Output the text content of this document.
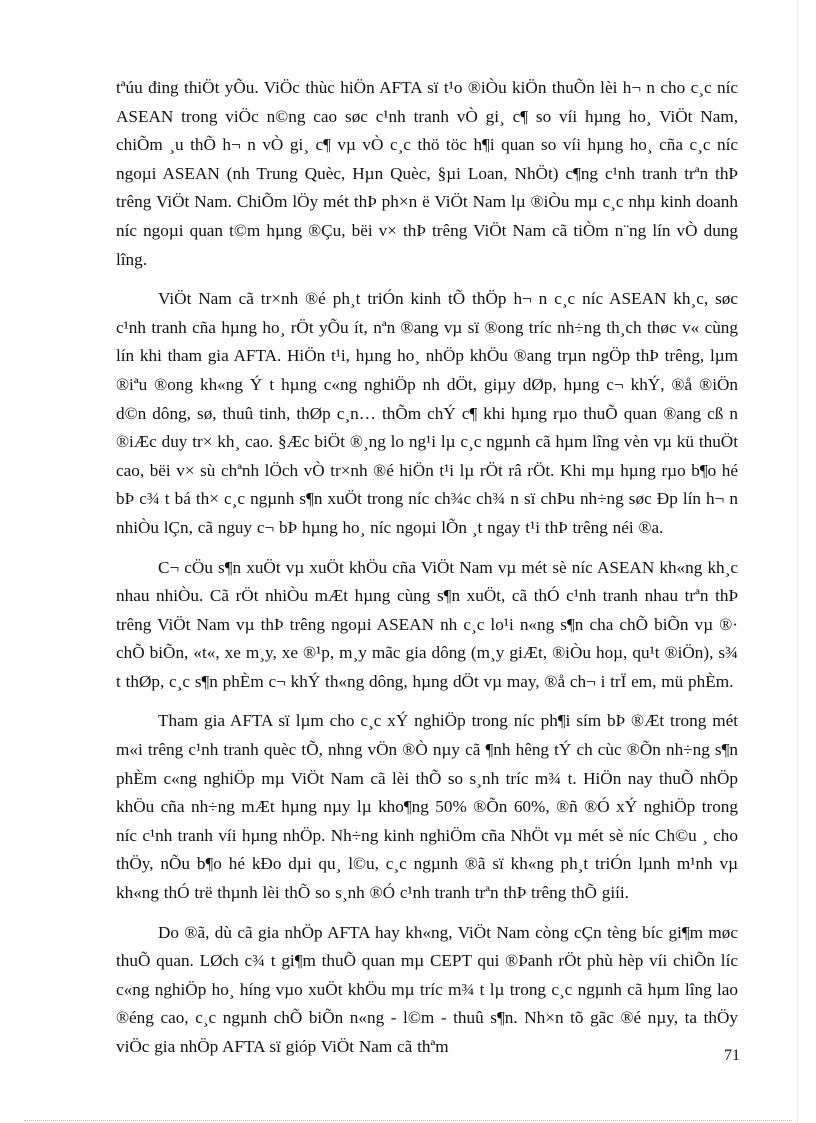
tªúu đing thiÖt yÕu. ViÖc thùc hiÖn AFTA sï t¹o ®iÒu kiÖn thuÕn lèi h¬ n cho c¸c níc ASEAN trong viÖc n©ng cao søc c¹nh tranh vÒ gi¸ c¶ so víi hµng ho¸ ViÖt Nam, chiÕm ¸u thÕ h¬ n vÒ gi¸ c¶ vµ vÒ c¸c thö töc h¶i quan so víi hµng ho¸ cña c¸c níc ngoµi ASEAN (nh Trung Quèc, Hµn Quèc, §µi Loan, NhÖt) c¶ng c¹nh tranh trªn thÞ trêng ViÖt Nam. ChiÕm lÖy mét thÞ ph×n ë ViÖt Nam lµ ®iÒu mµ c¸c nhµ kinh doanh níc ngoµi quan t©m hµng ®Çu, bëi v× thÞ trêng ViÖt Nam cã tiÒm n¨ng lín vÒ dung lîng.

ViÖt Nam cã tr×nh ®é ph¸t triÓn kinh tÕ thÖp h¬ n c¸c níc ASEAN kh¸c, søc c¹nh tranh cña hµng ho¸ rÖt yÕu ít, nªn ®ang vµ sï ®ong tríc nh÷ng th¸ch thøc v« cùng lín khi tham gia AFTA. HiÖn t¹i, hµng ho¸ nhÖp khÖu ®ang trµn ngÖp thÞ trêng, lµm ®iªu ®ong kh«ng Ý t hµng c«ng nghiÖp nh dÖt, giµy dØp, hµng c¬ khÝ, ®å ®iÖn d©n dông, sø, thuû tinh, thØp c¸n… thÕm chÝ c¶ khi hµng rµo thuÕ quan ®ang cß n ®iÆc duy tr× kh¸ cao. §Æc biÖt ®¸ng lo ng¹i lµ c¸c ngµnh cã hµm lîng vèn vµ kü thuÖt cao, bëi v× sù chªnh lÖch vÒ tr×nh ®é hiÖn t¹i lµ rÖt râ rÖt. Khi mµ hµng rµo b¶o hé bÞ c¾ t bá th× c¸c ngµnh s¶n xuÖt trong níc ch¾c ch¾ n sï chÞu nh÷ng søc Ðp lín h¬ n nhiÒu lÇn, cã nguy c¬ bÞ hµng ho¸ níc ngoµi lÕn ¸t ngay t¹i thÞ trêng néi ®a.

C¬ cÖu s¶n xuÖt vµ xuÖt khÖu cña ViÖt Nam vµ mét sè níc ASEAN kh«ng kh¸c nhau nhiÒu. Cã rÖt nhiÒu mÆt hµng cùng s¶n xuÖt, cã thÓ c¹nh tranh nhau trªn thÞ trêng ViÖt Nam vµ thÞ trêng ngoµi ASEAN nh c¸c lo¹i n«ng s¶n cha chÕ biÕn vµ ®· chÕ biÕn, «t«, xe m¸y, xe ®¹p, m¸y mãc gia dông (m¸y giÆt, ®iÒu hoµ, qu¹t ®iÖn), s¾ t thØp, c¸c s¶n phÈm c¬ khÝ th«ng dông, hµng dÖt vµ may, ®å ch¬ i trÏ em, mü phÈm.

Tham gia AFTA sï lµm cho c¸c xÝ nghiÖp trong níc ph¶i sím bÞ ®Æt trong mét m«i trêng c¹nh tranh quèc tÕ, nhng vÖn ®Ò nµy cã ¶nh hêng tÝ ch cùc ®Õn nh÷ng s¶n phÈm c«ng nghiÖp mµ ViÖt Nam cã lèi thÕ so s¸nh tríc m¾ t. HiÖn nay thuÕ nhÖp khÖu cña nh÷ng mÆt hµng nµy lµ kho¶ng 50% ®Õn 60%, ®ñ ®Ó xÝ nghiÖp trong níc c¹nh tranh víi hµng nhÖp. Nh÷ng kinh nghiÖm cña NhÖt vµ mét sè níc Ch©u ¸ cho thÖy, nÕu b¶o hé kÐo dµi qu¸ l©u, c¸c ngµnh ®ã sï kh«ng ph¸t triÓn lµnh m¹nh vµ kh«ng thÓ trë thµnh lèi thÕ so s¸nh ®Ó c¹nh tranh trªn thÞ trêng thÕ giíi.

Do ®ã, dù cã gia nhÖp AFTA hay kh«ng, ViÖt Nam còng cÇn tèng bíc gi¶m møc thuÕ quan. LØch c¾ t gi¶m thuÕ quan mµ CEPT qui ®Þanh rÖt phù hèp víi chiÕn líc c«ng nghiÖp ho¸ híng vµo xuÖt khÖu mµ tríc m¾ t lµ trong c¸c ngµnh cã hµm lîng lao ®éng cao, c¸c ngµnh chÕ biÕn n«ng - l©m - thuû s¶n. Nh×n tõ gãc ®é nµy, ta thÖy viÖc gia nhÖp AFTA sï gióp ViÖt Nam cã thªm	71
